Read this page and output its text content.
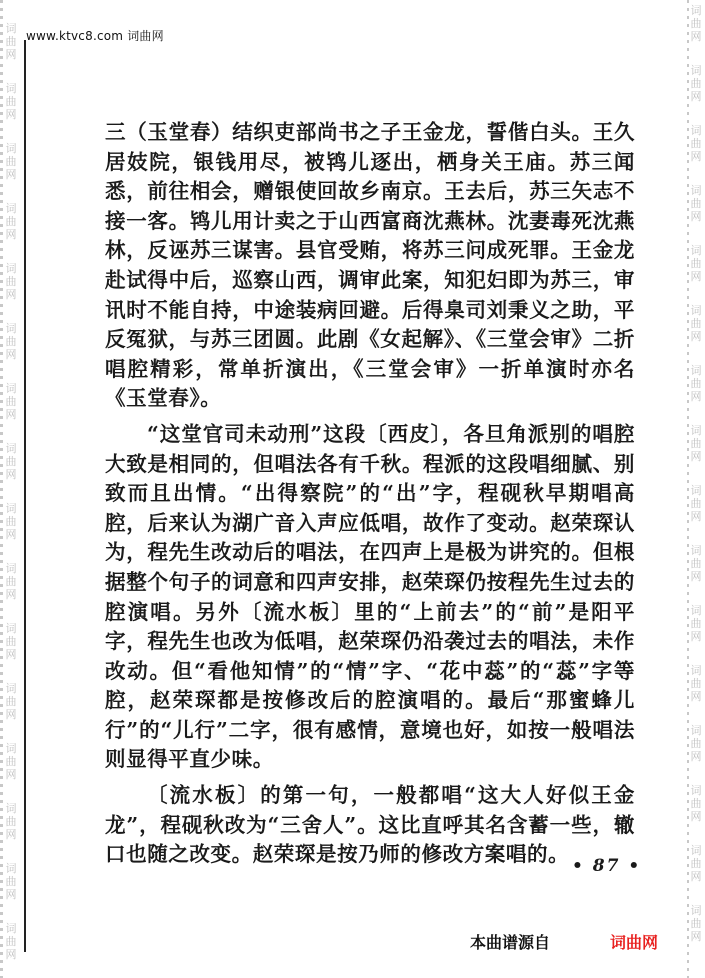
词曲网
词曲网
词曲网
词曲网
词曲网
词曲网
词曲网
词曲网
词曲网
词曲网
词曲网
词曲网
词曲网
词曲网
词曲网
词曲网
词曲网
词曲网
词曲网
词曲网
词曲网
词曲网
词曲网
词曲网
词曲网
词曲网
词曲网
词曲网
词曲网
词曲网
词曲网
词曲网
www.ktvc8.com 词曲网

三（玉堂春）结织吏部尚书之子王金龙，誓偕白头。王久居妓院，银钱用尽，被鸨儿逐出，栖身关王庙。苏三闻悉，前往相会，赠银使回故乡南京。王去后，苏三矢志不接一客。鸨儿用计卖之于山西富商沈燕林。沈妻毒死沈燕林，反诬苏三谋害。县官受贿，将苏三问成死罪。王金龙赴试得中后，巡察山西，调审此案，知犯妇即为苏三，审讯时不能自持，中途装病回避。后得臬司刘秉义之助，平反冤狱，与苏三团圆。此剧《女起解》、《三堂会审》二折唱腔精彩，常单折演出，《三堂会审》一折单演时亦名《玉堂春》。

“这堂官司未动刑”这段〔西皮〕，各旦角派别的唱腔大致是相同的，但唱法各有千秋。程派的这段唱细腻、别致而且出情。“出得察院”的“出”字，程砚秋早期唱高腔，后来认为湖广音入声应低唱，故作了变动。赵荣琛认为，程先生改动后的唱法，在四声上是极为讲究的。但根据整个句子的词意和四声安排，赵荣琛仍按程先生过去的腔演唱。另外〔流水板〕里的“上前去”的“前”是阳平字，程先生也改为低唱，赵荣琛仍沿袭过去的唱法，未作改动。但“看他知情”的“情”字、“花中蕊”的“蕊”字等腔，赵荣琛都是按修改后的腔演唱的。最后“那蜜蜂儿行”的“儿行”二字，很有感情，意境也好，如按一般唱法则显得平直少味。

〔流水板〕的第一句，一般都唱“这大人好似王金龙”，程砚秋改为“三舍人”。这比直呼其名含蓄一些，辙口也随之改变。赵荣琛是按乃师的修改方案唱的。 • 87 •
本曲谱源自	词曲网
